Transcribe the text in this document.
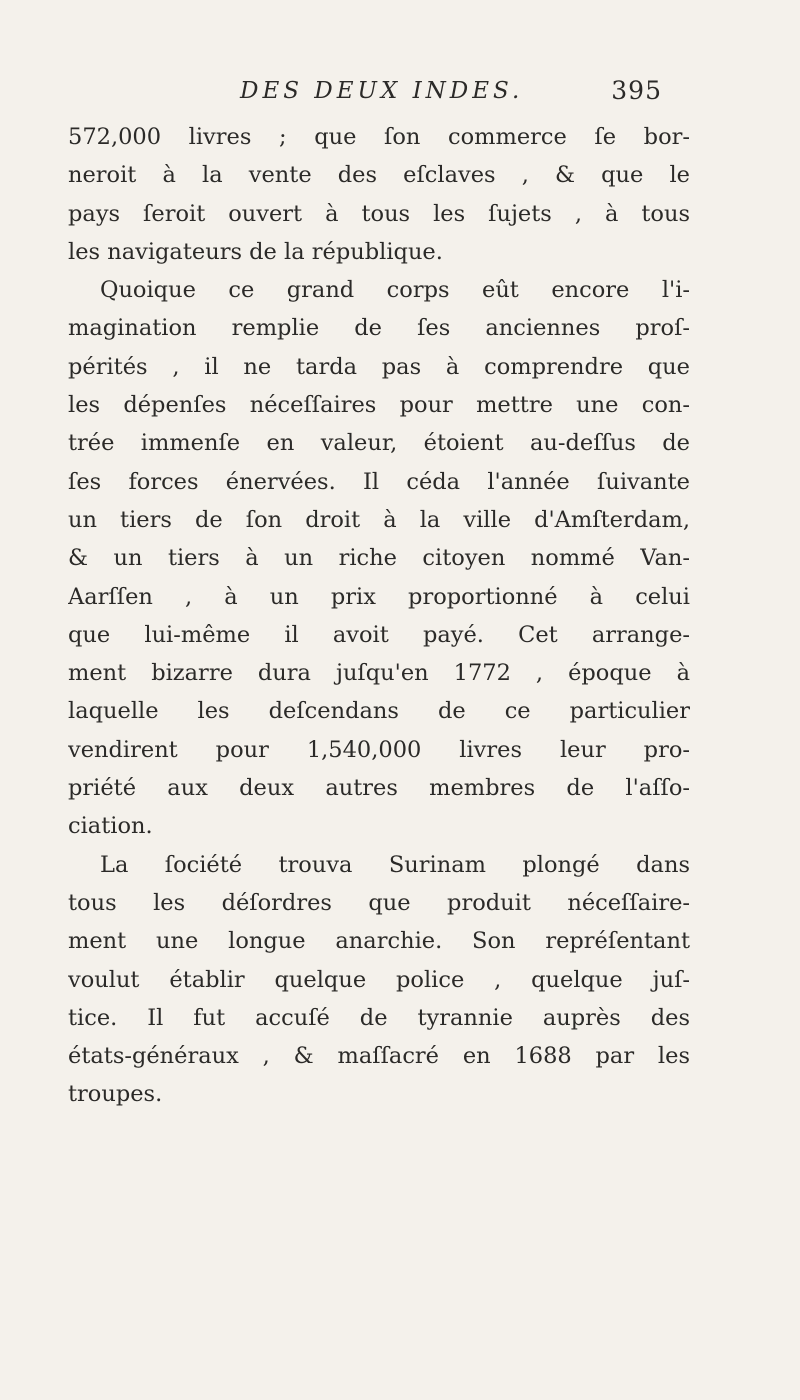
DES DEUX INDES.	395
572,000 livres ; que ſon commerce ſe bor-
neroit à la vente des eſclaves , & que le
pays ſeroit ouvert à tous les ſujets , à tous
les navigateurs de la république.
Quoique ce grand corps eût encore l'i-
magination remplie de ſes anciennes proſ-
pérités , il ne tarda pas à comprendre que
les dépenſes néceſſaires pour mettre une con-
trée immenſe en valeur, étoient au-deſſus de
ſes forces énervées. Il céda l'année ſuivante
un tiers de ſon droit à la ville d'Amſterdam,
& un tiers à un riche citoyen nommé Van-
Aarſſen , à un prix proportionné à celui
que lui-même il avoit payé. Cet arrange-
ment bizarre dura juſqu'en 1772 , époque à
laquelle les deſcendans de ce particulier
vendirent pour 1,540,000 livres leur pro-
priété aux deux autres membres de l'aſſo-
ciation.
La ſociété trouva Surinam plongé dans
tous les déſordres que produit néceſſaire-
ment une longue anarchie. Son repréſentant
voulut établir quelque police , quelque juſ-
tice. Il fut accuſé de tyrannie auprès des
états-généraux , & maſſacré en 1688 par les
troupes.
